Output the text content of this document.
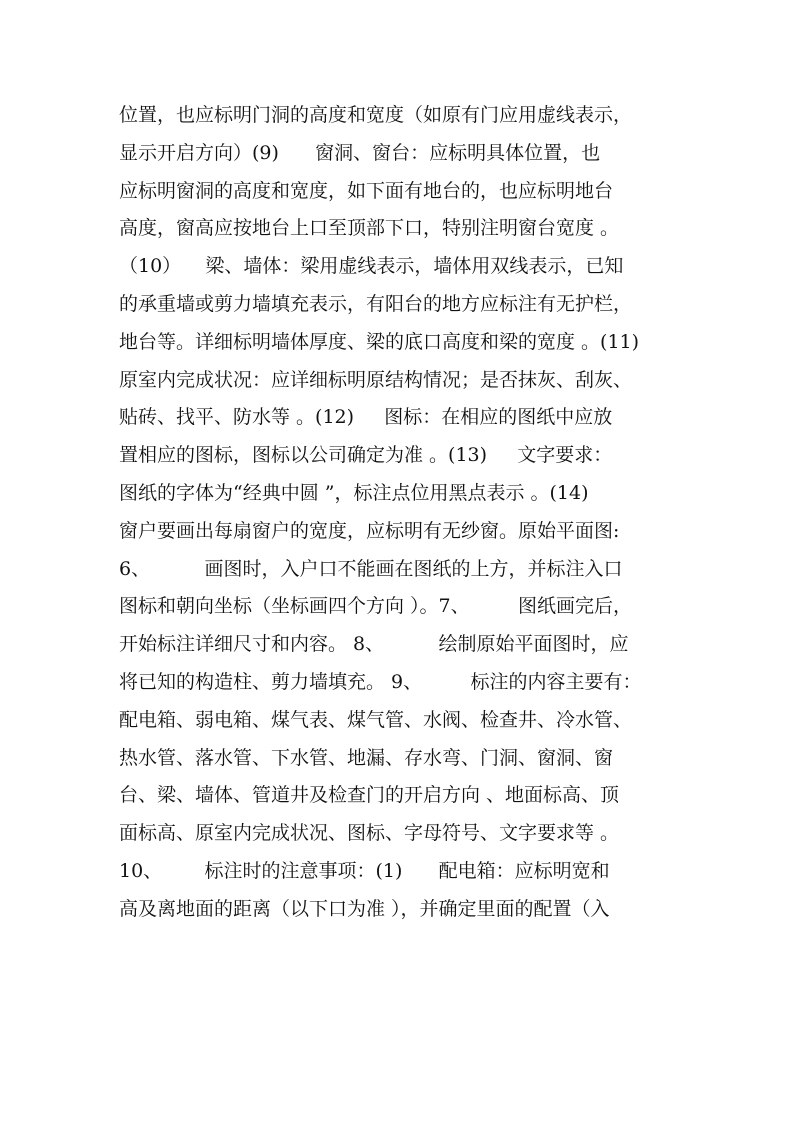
位置，也应标明门洞的高度和宽度（如原有门应用虚线表示，
显示开启方向）(9)      窗洞、窗台：应标明具体位置，也
应标明窗洞的高度和宽度，如下面有地台的，也应标明地台
高度，窗高应按地台上口至顶部下口，特别注明窗台宽度 。
（10）    梁、墙体：梁用虚线表示，墙体用双线表示，已知
的承重墙或剪力墙填充表示，有阳台的地方应标注有无护栏，
地台等。详细标明墙体厚度、梁的底口高度和梁的宽度 。(11)
原室内完成状况：应详细标明原结构情况；是否抹灰、刮灰、
贴砖、找平、防水等 。(12)     图标：在相应的图纸中应放
置相应的图标，图标以公司确定为准 。(13)     文字要求：
图纸的字体为“经典中圆 ”，标注点位用黑点表示 。(14)
窗户要画出每扇窗户的宽度，应标明有无纱窗。原始平面图:
6、         画图时，入户口不能画在图纸的上方，并标注入口
图标和朝向坐标（坐标画四个方向 ）。7、        图纸画完后，
开始标注详细尺寸和内容。 8、         绘制原始平面图时，应
将已知的构造柱、剪力墙填充。 9、        标注的内容主要有：
配电箱、弱电箱、煤气表、煤气管、水阀、检查井、冷水管、
热水管、落水管、下水管、地漏、存水弯、门洞、窗洞、窗
台、梁、墙体、管道井及检查门的开启方向 、地面标高、顶
面标高、原室内完成状况、图标、字母符号、文字要求等 。
10、       标注时的注意事项：(1)      配电箱：应标明宽和
高及离地面的距离（以下口为准 ），并确定里面的配置（入
